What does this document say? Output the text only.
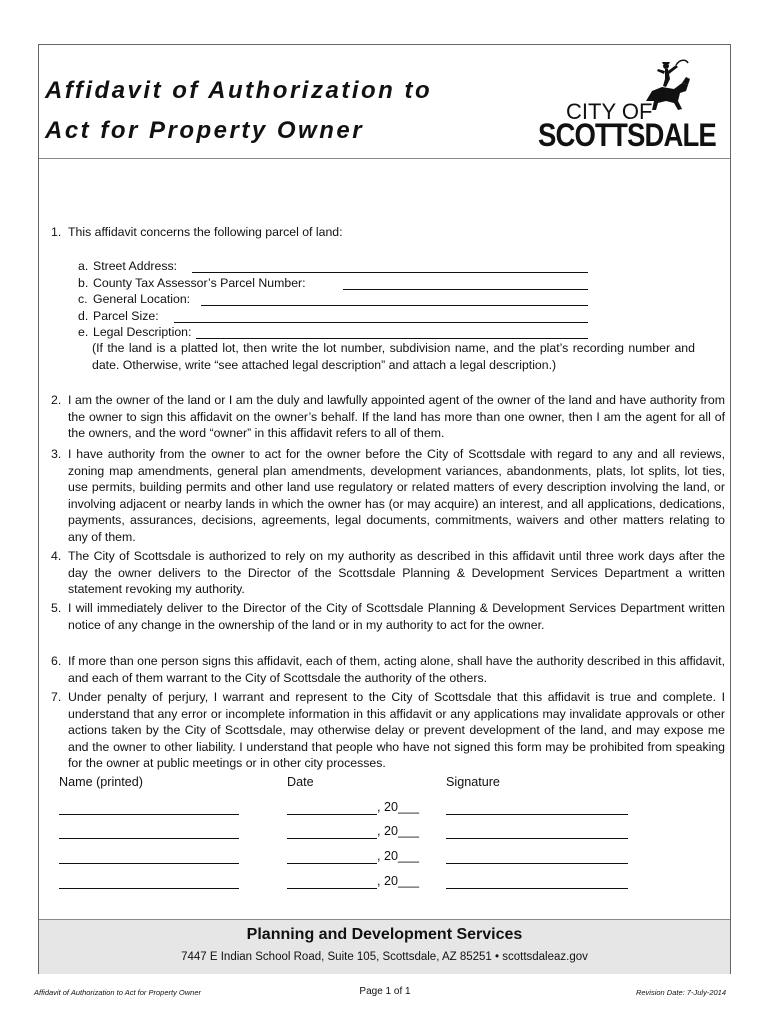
Affidavit of Authorization to
Act for Property Owner
CITY OF
SCOTTSDALE
1. This affidavit concerns the following parcel of land:
a. Street Address:
b. County Tax Assessor’s Parcel Number:
c. General Location:
d. Parcel Size:
e. Legal Description:
(If the land is a platted lot, then write the lot number, subdivision name, and the plat’s recording number and date. Otherwise, write “see attached legal description” and attach a legal description.)
2. I am the owner of the land or I am the duly and lawfully appointed agent of the owner of the land and have authority from the owner to sign this affidavit on the owner’s behalf. If the land has more than one owner, then I am the agent for all of the owners, and the word “owner” in this affidavit refers to all of them.
3. I have authority from the owner to act for the owner before the City of Scottsdale with regard to any and all reviews, zoning map amendments, general plan amendments, development variances, abandonments, plats, lot splits, lot ties, use permits, building permits and other land use regulatory or related matters of every description involving the land, or involving adjacent or nearby lands in which the owner has (or may acquire) an interest, and all applications, dedications, payments, assurances, decisions, agreements, legal documents, commitments, waivers and other matters relating to any of them.
4. The City of Scottsdale is authorized to rely on my authority as described in this affidavit until three work days after the day the owner delivers to the Director of the Scottsdale Planning & Development Services Department a written statement revoking my authority.
5. I will immediately deliver to the Director of the City of Scottsdale Planning & Development Services Department written notice of any change in the ownership of the land or in my authority to act for the owner.
6. If more than one person signs this affidavit, each of them, acting alone, shall have the authority described in this affidavit, and each of them warrant to the City of Scottsdale the authority of the others.
7. Under penalty of perjury, I warrant and represent to the City of Scottsdale that this affidavit is true and complete. I understand that any error or incomplete information in this affidavit or any applications may invalidate approvals or other actions taken by the City of Scottsdale, may otherwise delay or prevent development of the land, and may expose me and the owner to other liability. I understand that people who have not signed this form may be prohibited from speaking for the owner at public meetings or in other city processes.
Name (printed)	Date	Signature
, 20___
, 20___
, 20___
, 20___
Planning and Development Services
7447 E Indian School Road, Suite 105, Scottsdale, AZ 85251 • scottsdaleaz.gov
Affidavit of Authorization to Act for Property Owner	Page 1 of 1	Revision Date: 7-July-2014
